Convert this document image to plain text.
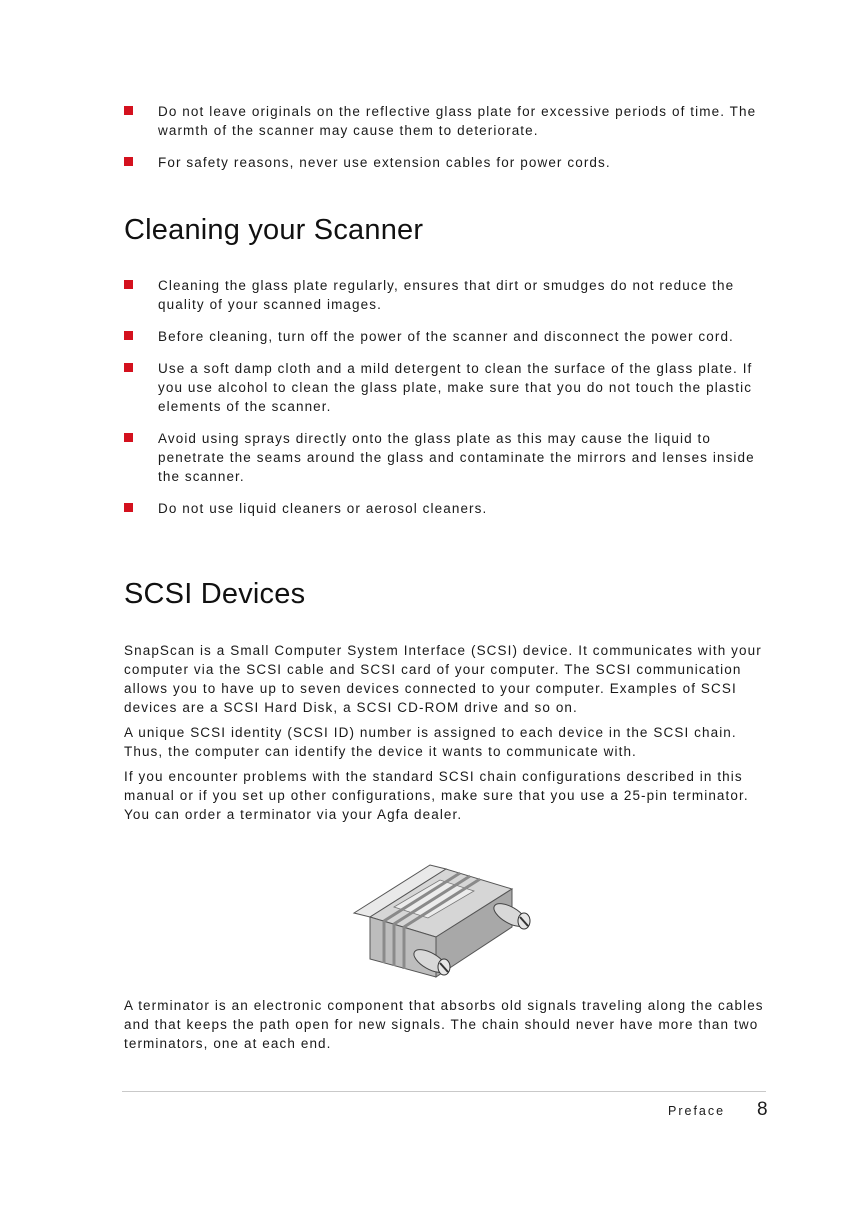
Do not leave originals on the reflective glass plate for excessive periods of time. The warmth of the scanner may cause them to deteriorate.
For safety reasons, never use extension cables for power cords.
Cleaning your Scanner
Cleaning the glass plate regularly, ensures that dirt or smudges do not reduce the quality of your scanned images.
Before cleaning, turn off the power of the scanner and disconnect the power cord.
Use a soft damp cloth and a mild detergent to clean the surface of the glass plate. If you use alcohol to clean the glass plate, make sure that you do not touch the plastic elements of the scanner.
Avoid using sprays directly onto the glass plate as this may cause the liquid to penetrate the seams around the glass and contaminate the mirrors and lenses inside the scanner.
Do not use liquid cleaners or aerosol cleaners.
SCSI Devices

SnapScan is a Small Computer System Interface (SCSI) device. It communicates with your computer via the SCSI cable and SCSI card of your computer. The SCSI communication allows you to have up to seven devices connected to your computer. Examples of SCSI devices are a SCSI Hard Disk, a SCSI CD-ROM drive and so on.

A unique SCSI identity (SCSI ID) number is assigned to each device in the SCSI chain. Thus, the computer can identify the device it wants to communicate with.

If you encounter problems with the standard SCSI chain configurations described in this manual or if you set up other configurations, make sure that you use a 25-pin terminator. You can order a terminator via your Agfa dealer.

A terminator is an electronic component that absorbs old signals traveling along the cables and that keeps the path open for new signals. The chain should never have more than two terminators, one at each end.

Preface 8
